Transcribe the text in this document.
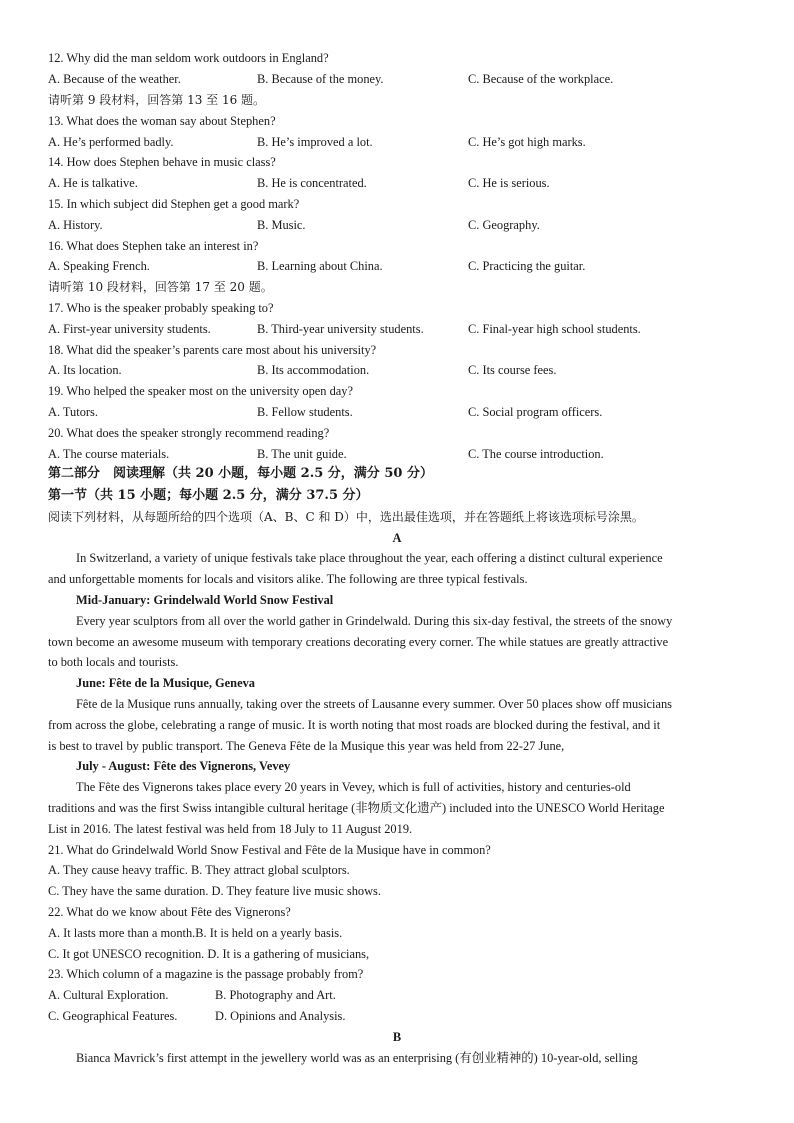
12. Why did the man seldom work outdoors in England?
A. Because of the weather.	B. Because of the money.	C. Because of the workplace.
请听第 9 段材料，回答第 13 至 16 题。
13. What does the woman say about Stephen?
A. He’s performed badly.	B. He’s improved a lot.	C. He’s got high marks.
14. How does Stephen behave in music class?
A. He is talkative.	B. He is concentrated.	C. He is serious.
15. In which subject did Stephen get a good mark?
A. History.	B. Music.	C. Geography.
16. What does Stephen take an interest in?
A. Speaking French.	B. Learning about China.	C. Practicing the guitar.
请听第 10 段材料，回答第 17 至 20 题。
17. Who is the speaker probably speaking to?
A. First-year university students.	B. Third-year university students.	C. Final-year high school students.
18. What did the speaker’s parents care most about his university?
A. Its location.	B. Its accommodation.	C. Its course fees.
19. Who helped the speaker most on the university open day?
A. Tutors.	B. Fellow students.	C. Social program officers.
20. What does the speaker strongly recommend reading?
A. The course materials.	B. The unit guide.	C. The course introduction.
第二部分　阅读理解（共 20 小题，每小题 2.5 分，满分 50 分）
第一节（共 15 小题；每小题 2.5 分，满分 37.5 分）
阅读下列材料，从每题所给的四个选项（A、B、C 和 D）中，选出最佳选项，并在答题纸上将该选项标号涂黑。
A
In Switzerland, a variety of unique festivals take place throughout the year, each offering a distinct cultural experience
and unforgettable moments for locals and visitors alike. The following are three typical festivals.
Mid-January: Grindelwald World Snow Festival
Every year sculptors from all over the world gather in Grindelwald. During this six-day festival, the streets of the snowy
town become an awesome museum with temporary creations decorating every corner. The while statues are greatly attractive
to both locals and tourists.
June: Fête de la Musique, Geneva
Fête de la Musique runs annually, taking over the streets of Lausanne every summer. Over 50 places show off musicians
from across the globe, celebrating a range of music. It is worth noting that most roads are blocked during the festival, and it
is best to travel by public transport. The Geneva Fête de la Musique this year was held from 22-27 June,
July - August: Fête des Vignerons, Vevey
The Fête des Vignerons takes place every 20 years in Vevey, which is full of activities, history and centuries-old
traditions and was the first Swiss intangible cultural heritage (非物质文化遗产) included into the UNESCO World Heritage
List in 2016. The latest festival was held from 18 July to 11 August 2019.
21. What do Grindelwald World Snow Festival and Fête de la Musique have in common?
A. They cause heavy traffic. B. They attract global sculptors.
C. They have the same duration. D. They feature live music shows.
22. What do we know about Fête des Vignerons?
A. It lasts more than a month.B. It is held on a yearly basis.
C. It got UNESCO recognition. D. It is a gathering of musicians,
23. Which column of a magazine is the passage probably from?
A. Cultural Exploration.	B. Photography and Art.
C. Geographical Features.	D. Opinions and Analysis.
B
Bianca Mavrick’s first attempt in the jewellery world was as an enterprising (有创业精神的) 10-year-old, selling
